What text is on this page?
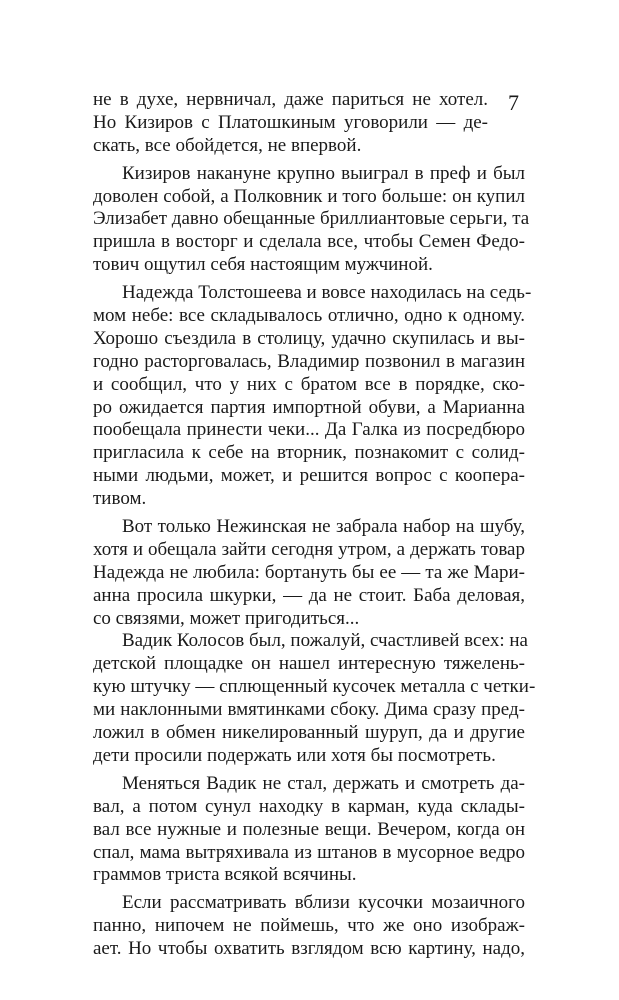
7
не в духе, нервничал, даже париться не хотел.
Но Кизиров с Платошкиным уговорили — де-
скать, все обойдется, не впервой.
Кизиров накануне крупно выиграл в преф и был
доволен собой, а Полковник и того больше: он купил
Элизабет давно обещанные бриллиантовые серьги, та
пришла в восторг и сделала все, чтобы Семен Федо-
тович ощутил себя настоящим мужчиной.
Надежда Толстошеева и вовсе находилась на седь-
мом небе: все складывалось отлично, одно к одному.
Хорошо съездила в столицу, удачно скупилась и вы-
годно расторговалась, Владимир позвонил в магазин
и сообщил, что у них с братом все в порядке, ско-
ро ожидается партия импортной обуви, а Марианна
пообещала принести чеки... Да Галка из посредбюро
пригласила к себе на вторник, познакомит с солид-
ными людьми, может, и решится вопрос с коопера-
тивом.
Вот только Нежинская не забрала набор на шубу,
хотя и обещала зайти сегодня утром, а держать товар
Надежда не любила: бортануть бы ее — та же Мари-
анна просила шкурки, — да не стоит. Баба деловая,
со связями, может пригодиться...
Вадик Колосов был, пожалуй, счастливей всех: на
детской площадке он нашел интересную тяжелень-
кую штучку — сплющенный кусочек металла с четки-
ми наклонными вмятинками сбоку. Дима сразу пред-
ложил в обмен никелированный шуруп, да и другие
дети просили подержать или хотя бы посмотреть.
Меняться Вадик не стал, держать и смотреть да-
вал, а потом сунул находку в карман, куда склады-
вал все нужные и полезные вещи. Вечером, когда он
спал, мама вытряхивала из штанов в мусорное ведро
граммов триста всякой всячины.
Если рассматривать вблизи кусочки мозаичного
панно, нипочем не поймешь, что же оно изображ-
ает. Но чтобы охватить взглядом всю картину, надо,
